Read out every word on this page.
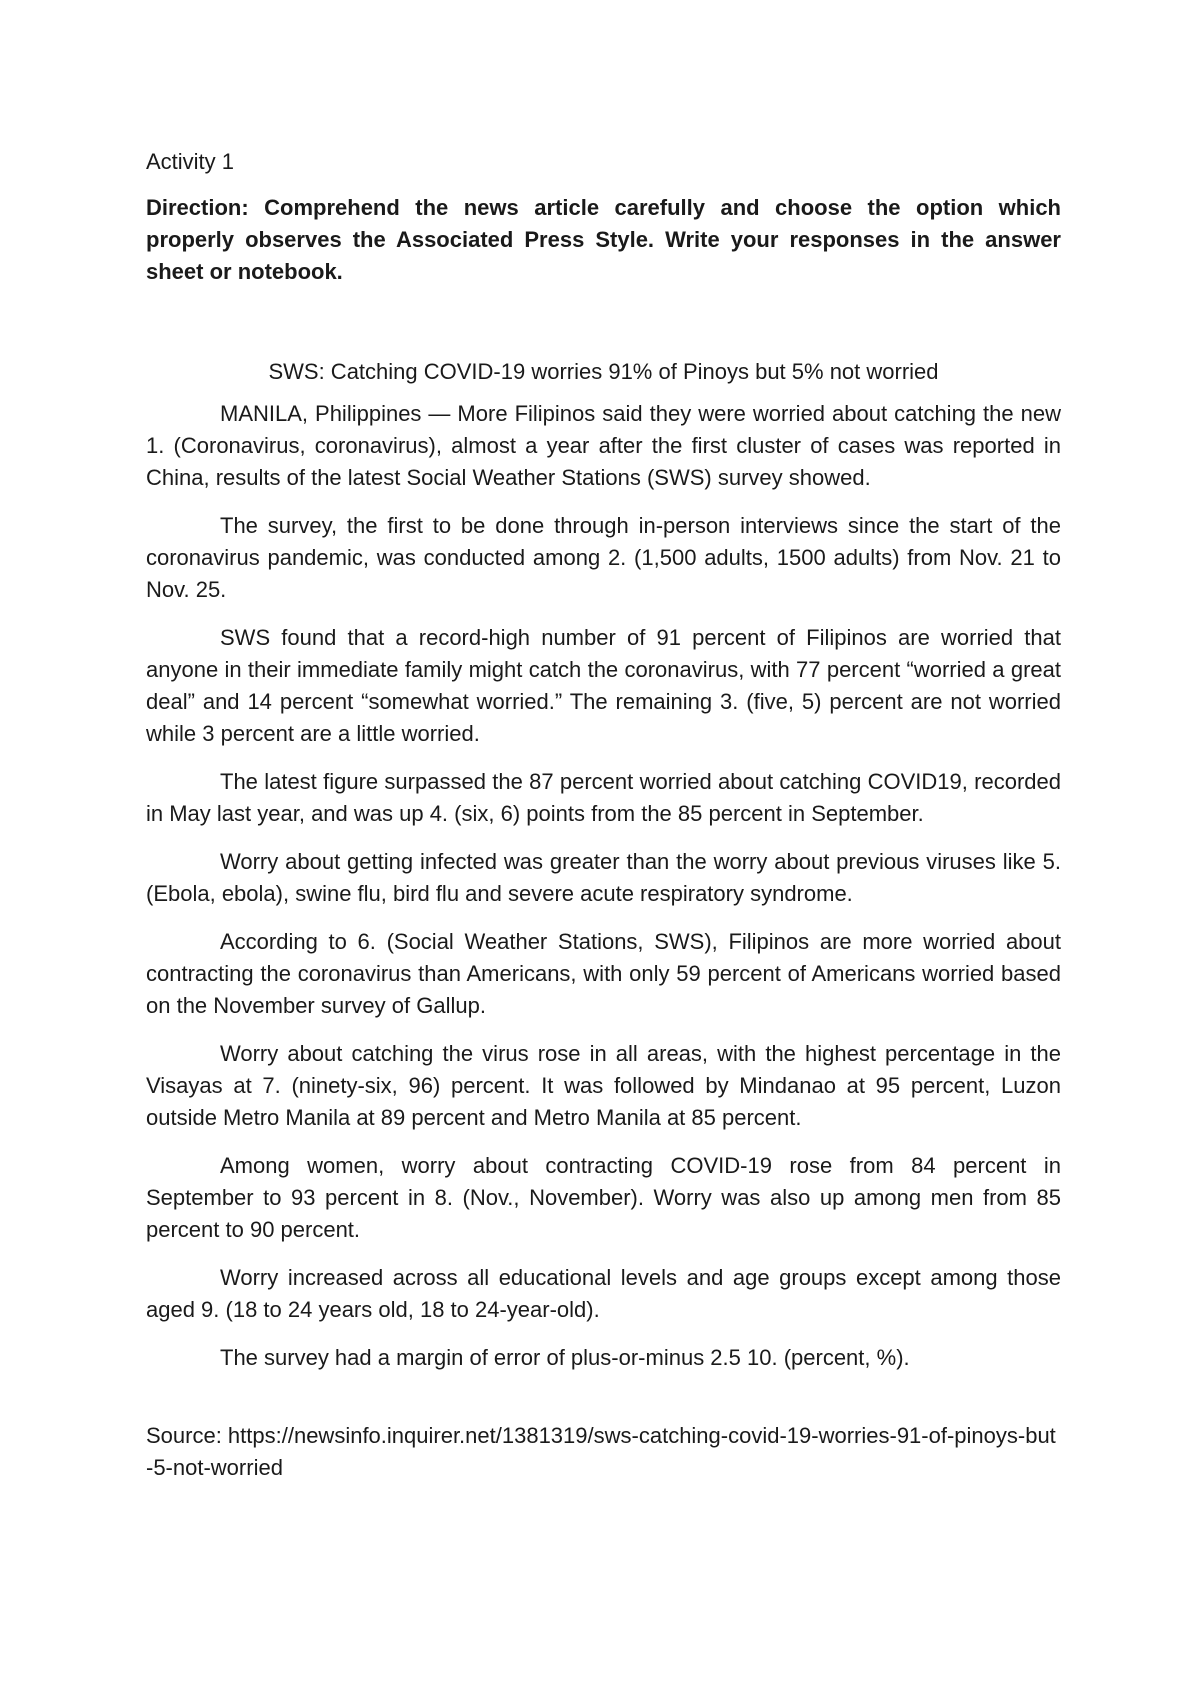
Activity 1

Direction: Comprehend the news article carefully and choose the option which properly observes the Associated Press Style. Write your responses in the answer sheet or notebook.

SWS: Catching COVID-19 worries 91% of Pinoys but 5% not worried

MANILA, Philippines — More Filipinos said they were worried about catching the new 1. (Coronavirus, coronavirus), almost a year after the first cluster of cases was reported in China, results of the latest Social Weather Stations (SWS) survey showed.

The survey, the first to be done through in-person interviews since the start of the coronavirus pandemic, was conducted among 2. (1,500 adults, 1500 adults) from Nov. 21 to Nov. 25.

SWS found that a record-high number of 91 percent of Filipinos are worried that anyone in their immediate family might catch the coronavirus, with 77 percent “worried a great deal” and 14 percent “somewhat worried.” The remaining 3. (five, 5) percent are not worried while 3 percent are a little worried.

The latest figure surpassed the 87 percent worried about catching COVID19, recorded in May last year, and was up 4. (six, 6) points from the 85 percent in September.

Worry about getting infected was greater than the worry about previous viruses like 5. (Ebola, ebola), swine flu, bird flu and severe acute respiratory syndrome.

According to 6. (Social Weather Stations, SWS), Filipinos are more worried about contracting the coronavirus than Americans, with only 59 percent of Americans worried based on the November survey of Gallup.

Worry about catching the virus rose in all areas, with the highest percentage in the Visayas at 7. (ninety-six, 96) percent. It was followed by Mindanao at 95 percent, Luzon outside Metro Manila at 89 percent and Metro Manila at 85 percent.

Among women, worry about contracting COVID-19 rose from 84 percent in September to 93 percent in 8. (Nov., November). Worry was also up among men from 85 percent to 90 percent.

Worry increased across all educational levels and age groups except among those aged 9. (18 to 24 years old, 18 to 24-year-old).

The survey had a margin of error of plus-or-minus 2.5 10. (percent, %).

Source: https://newsinfo.inquirer.net/1381319/sws-catching-covid-19-worries-91-of-pinoys-but-5-not-worried
